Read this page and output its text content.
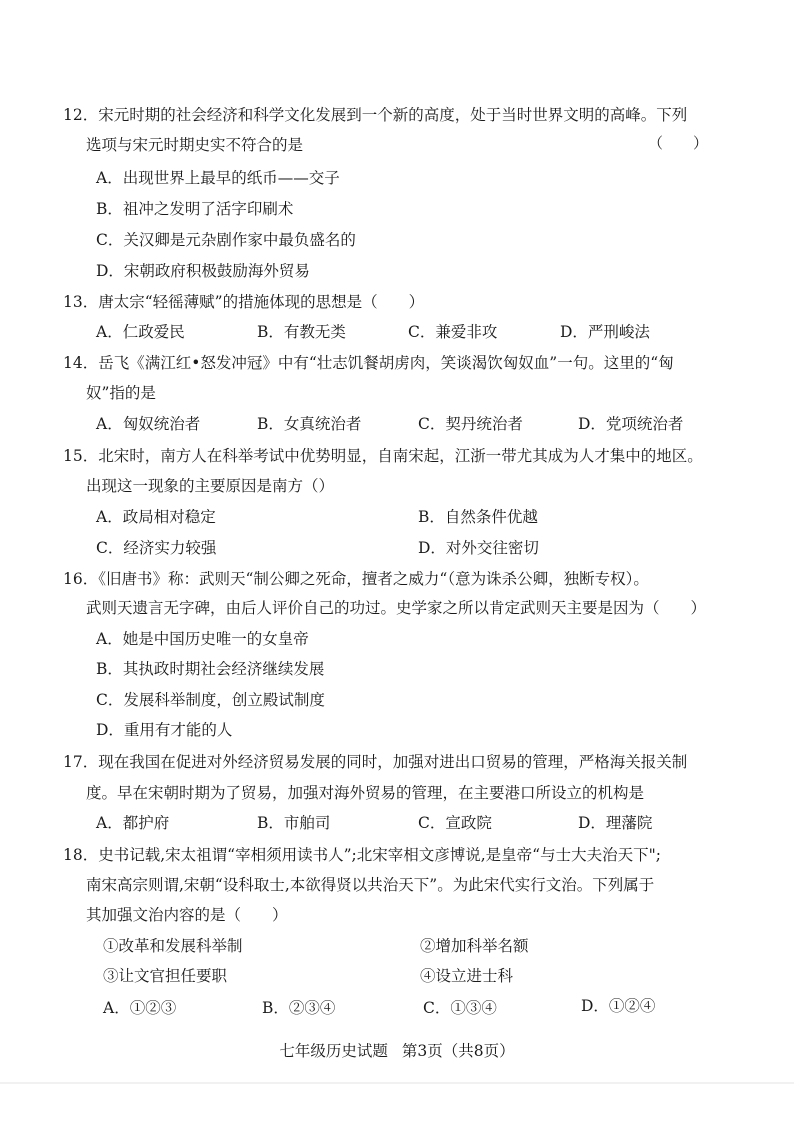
12．宋元时期的社会经济和科学文化发展到一个新的高度，处于当时世界文明的高峰。下列
选项与宋元时期史实不符合的是	（　　）
A．出现世界上最早的纸币——交子
B．祖冲之发明了活字印刷术
C．关汉卿是元杂剧作家中最负盛名的
D．宋朝政府积极鼓励海外贸易
13．唐太宗“轻徭薄赋”的措施体现的思想是（　　）
A．仁政爱民	B．有教无类	C．兼爱非攻	D．严刑峻法
14．岳飞《满江红•怒发冲冠》中有“壮志饥餐胡虏肉，笑谈渴饮匈奴血”一句。这里的“匈
奴”指的是
A．匈奴统治者	B．女真统治者	C．契丹统治者	D．党项统治者
15．北宋时，南方人在科举考试中优势明显，自南宋起，江浙一带尤其成为人才集中的地区。
出现这一现象的主要原因是南方（）
A．政局相对稳定	B．自然条件优越
C．经济实力较强	D．对外交往密切
16．《旧唐书》称：武则天“制公卿之死命，擅者之威力“（意为诛杀公卿，独断专权）。
武则天遗言无字碑，由后人评价自己的功过。史学家之所以肯定武则天主要是因为（　　）
A．她是中国历史唯一的女皇帝
B．其执政时期社会经济继续发展
C．发展科举制度，创立殿试制度
D．重用有才能的人
17．现在我国在促进对外经济贸易发展的同时，加强对进出口贸易的管理，严格海关报关制
度。早在宋朝时期为了贸易，加强对海外贸易的管理，在主要港口所设立的机构是
A．都护府	B．市舶司	C．宣政院	D．理藩院
18．史书记载,宋太祖谓“宰相须用读书人”;北宋宰相文彦博说,是皇帝“与士大夫治天下";
南宋高宗则谓,宋朝“设科取士,本欲得贤以共治天下”。为此宋代实行文治。下列属于
其加强文治内容的是（　　）
①改革和发展科举制	②增加科举名额
③让文官担任要职	④设立进士科
A．①②③	B．②③④	C．①③④	D．①②④
七年级历史试题 第3页（共8页）
